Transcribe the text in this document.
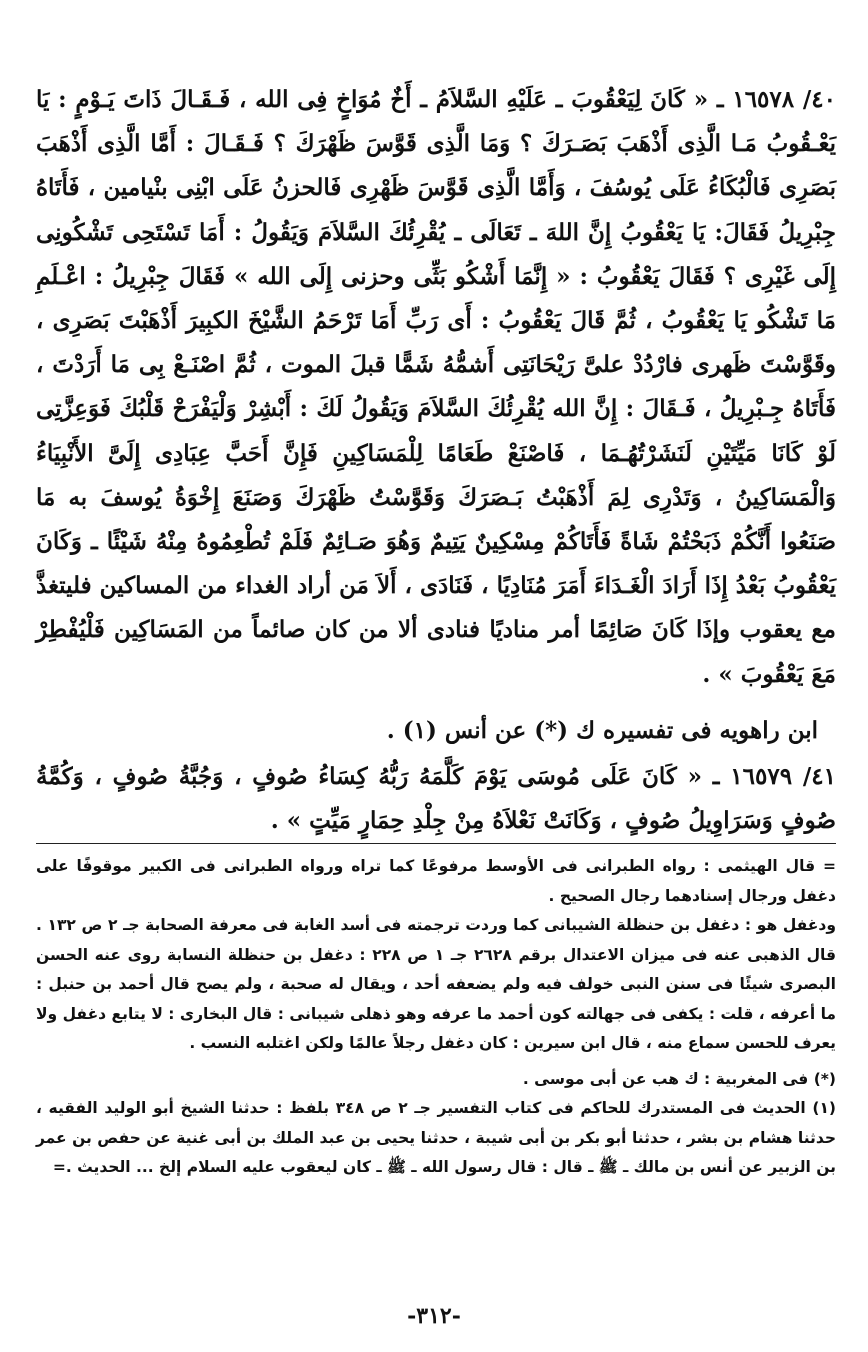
٤٠/ ١٦٥٧٨ ـ « كَانَ لِيَعْقُوبَ ـ عَلَيْهِ السَّلاَمُ ـ أَخٌ مُوَاخٍ فِى الله ، فَـقَـالَ ذَاتَ يَـوْمٍ : يَا يَعْـقُوبُ مَـا الَّذِى أَذْهَبَ بَصَـرَكَ ؟ وَمَا الَّذِى قَوَّسَ ظَهْرَكَ ؟ فَـقَـالَ : أَمَّا الَّذِى أَذْهَبَ بَصَرِى فَالْبُكَاءُ عَلَى يُوسُفَ ، وَأَمَّا الَّذِى قَوَّسَ ظَهْرِى فَالحزنُ عَلَى ابْنِى بنْيامين ، فَأَتَاهُ جِبْرِيلُ فَقَالَ: يَا يَعْقُوبُ إِنَّ اللهَ ـ تَعَالَى ـ يُقْرِئُكَ السَّلاَمَ وَيَقُولُ : أَمَا تَسْتَحِى تَشْكُونِى إِلَى غَيْرِى ؟ فَقَالَ يَعْقُوبُ : « إِنَّمَا أَشْكُو بَثِّى وحزنى إِلَى الله » فَقَالَ جِبْرِيلُ : اعْـلَمِ مَا تَشْكُو يَا يَعْقُوبُ ، ثُمَّ قَالَ يَعْقُوبُ : أَى رَبِّ أَمَا تَرْحَمُ الشَّيْخَ الكبِيرَ أَذْهَبْتَ بَصَرِى ، وقَوَّسْتَ ظَهرى فارْدُدْ علىَّ رَيْحَانَتِى أَشمُّهُ شَمًّا قبلَ الموت ، ثُمَّ اصْنَـعْ بِى مَا أَرَدْتَ ، فَأَتَاهُ جِـبْرِيلُ ، فَـقَالَ : إِنَّ الله يُقْرِئُكَ السَّلاَمَ وَيَقُولُ لَكَ : أَبْشِرْ وَلْيَفْرَحْ قَلْبُكَ فَوَعِزَّتِى لَوْ كَانَا مَيِّتَيْنِ لَنَشَرْتُهُـمَا ، فَاصْنَعْ طَعَامًا لِلْمَسَاكِينِ فَإِنَّ أَحَبَّ عِبَادِى إِلَىَّ الأَنْبِيَاءُ وَالْمَسَاكِينُ ، وَتَدْرِى لِمَ أَذْهَبْتُ بَـصَرَكَ وَقَوَّسْتُ ظَهْرَكَ وَصَنَعَ إِخْوَةُ يُوسفَ به مَا صَنَعُوا أَنَّكُمْ ذَبَحْتُمْ شَاةً فَأَتَاكُمْ مِسْكِينٌ يَتِيمٌ وَهُوَ صَـائِمٌ فَلَمْ تُطْعِمُوهُ مِنْهُ شَيْئًا ـ وَكَانَ يَعْقُوبُ بَعْدُ إِذَا أَرَادَ الْغَـدَاءَ أَمَرَ مُنَادِيًا ، فَنَادَى ، أَلاَ مَن أراد الغداء من المساكين فليتغذَّ مع يعقوب وإذَا كَانَ صَائِمًا أمر مناديًا فنادى ألا من كان صائماً من المَسَاكِين فَلْيُفْطِرْ مَعَ يَعْقُوبَ » .

ابن راهويه فى تفسيره ك (*) عن أنس (١) .

٤١/ ١٦٥٧٩ ـ « كَانَ عَلَى مُوسَى يَوْمَ كَلَّمَهُ رَبُّهُ كِسَاءُ صُوفٍ ، وَجُبَّةُ صُوفٍ ، وَكُمَّةُ صُوفٍ وَسَرَاوِيلُ صُوفٍ ، وَكَانَتْ نَعْلاَهُ مِنْ جِلْدِ حِمَارٍ مَيِّتٍ » .

= قال الهيثمى : رواه الطبرانى فى الأوسط مرفوعًا كما تراه ورواه الطبرانى فى الكبير موقوفًا على دغفل ورجال إسنادهما رجال الصحيح .

ودغفل هو : دغفل بن حنظلة الشيبانى كما وردت ترجمته فى أسد الغابة فى معرفة الصحابة جـ ٢ ص ١٣٢ . قال الذهبى عنه فى ميزان الاعتدال برقم ٢٦٢٨ جـ ١ ص ٢٢٨ : دغفل بن حنظلة النسابة روى عنه الحسن البصرى شيئًا فى سنن النبى خولف فيه ولم يضعفه أحد ، ويقال له صحبة ، ولم يصح قال أحمد بن حنبل : ما أعرفه ، قلت : يكفى فى جهالته كون أحمد ما عرفه وهو ذهلى شيبانى : قال البخارى : لا يتابع دغفل ولا يعرف للحسن سماع منه ، قال ابن سيرين : كان دغفل رجلاً عالمًا ولكن اغتلبه النسب .

(*) فى المغربية : ك هب عن أبى موسى .

(١) الحديث فى المستدرك للحاكم فى كتاب التفسير جـ ٢ ص ٣٤٨ بلفظ : حدثنا الشيخ أبو الوليد الفقيه ، حدثنا هشام بن بشر ، حدثنا أبو بكر بن أبى شيبة ، حدثنا يحيى بن عبد الملك بن أبى غنية عن حفص بن عمر بن الزبير عن أنس بن مالك ـ ﷺ ـ قال : قال رسول الله ـ ﷺ ـ كان ليعقوب عليه السلام إلخ ... الحديث .=

-٣١٢-
